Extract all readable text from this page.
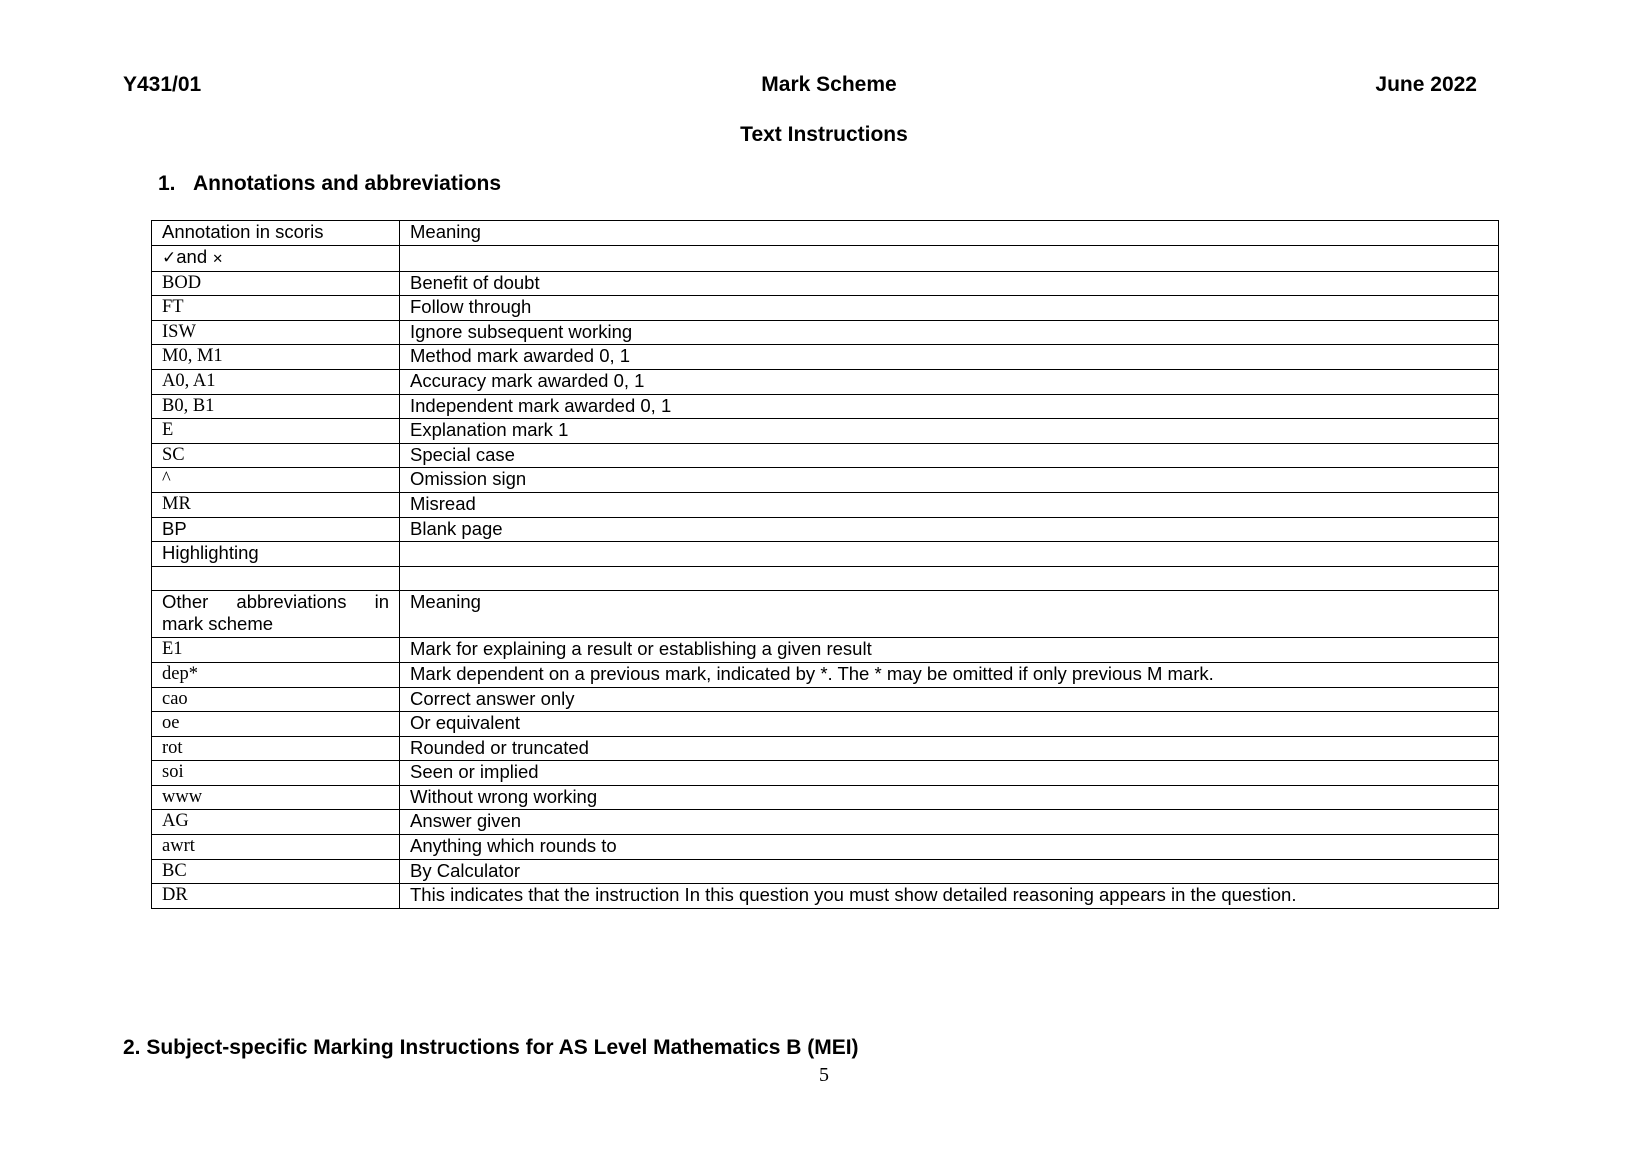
Y431/01	Mark Scheme	June 2022
Text Instructions
1. Annotations and abbreviations
Annotation in scoris	Meaning
✓and ✕	
BOD	Benefit of doubt
FT	Follow through
ISW	Ignore subsequent working
M0, M1	Method mark awarded 0, 1
A0, A1	Accuracy mark awarded 0, 1
B0, B1	Independent mark awarded 0, 1
E	Explanation mark 1
SC	Special case
^	Omission sign
MR	Misread
BP	Blank page
Highlighting	

Other abbreviations in mark scheme	Meaning
E1	Mark for explaining a result or establishing a given result
dep*	Mark dependent on a previous mark, indicated by *. The * may be omitted if only previous M mark.
cao	Correct answer only
oe	Or equivalent
rot	Rounded or truncated
soi	Seen or implied
www	Without wrong working
AG	Answer given
awrt	Anything which rounds to
BC	By Calculator
DR	This indicates that the instruction In this question you must show detailed reasoning appears in the question.
2. Subject-specific Marking Instructions for AS Level Mathematics B (MEI)
5
